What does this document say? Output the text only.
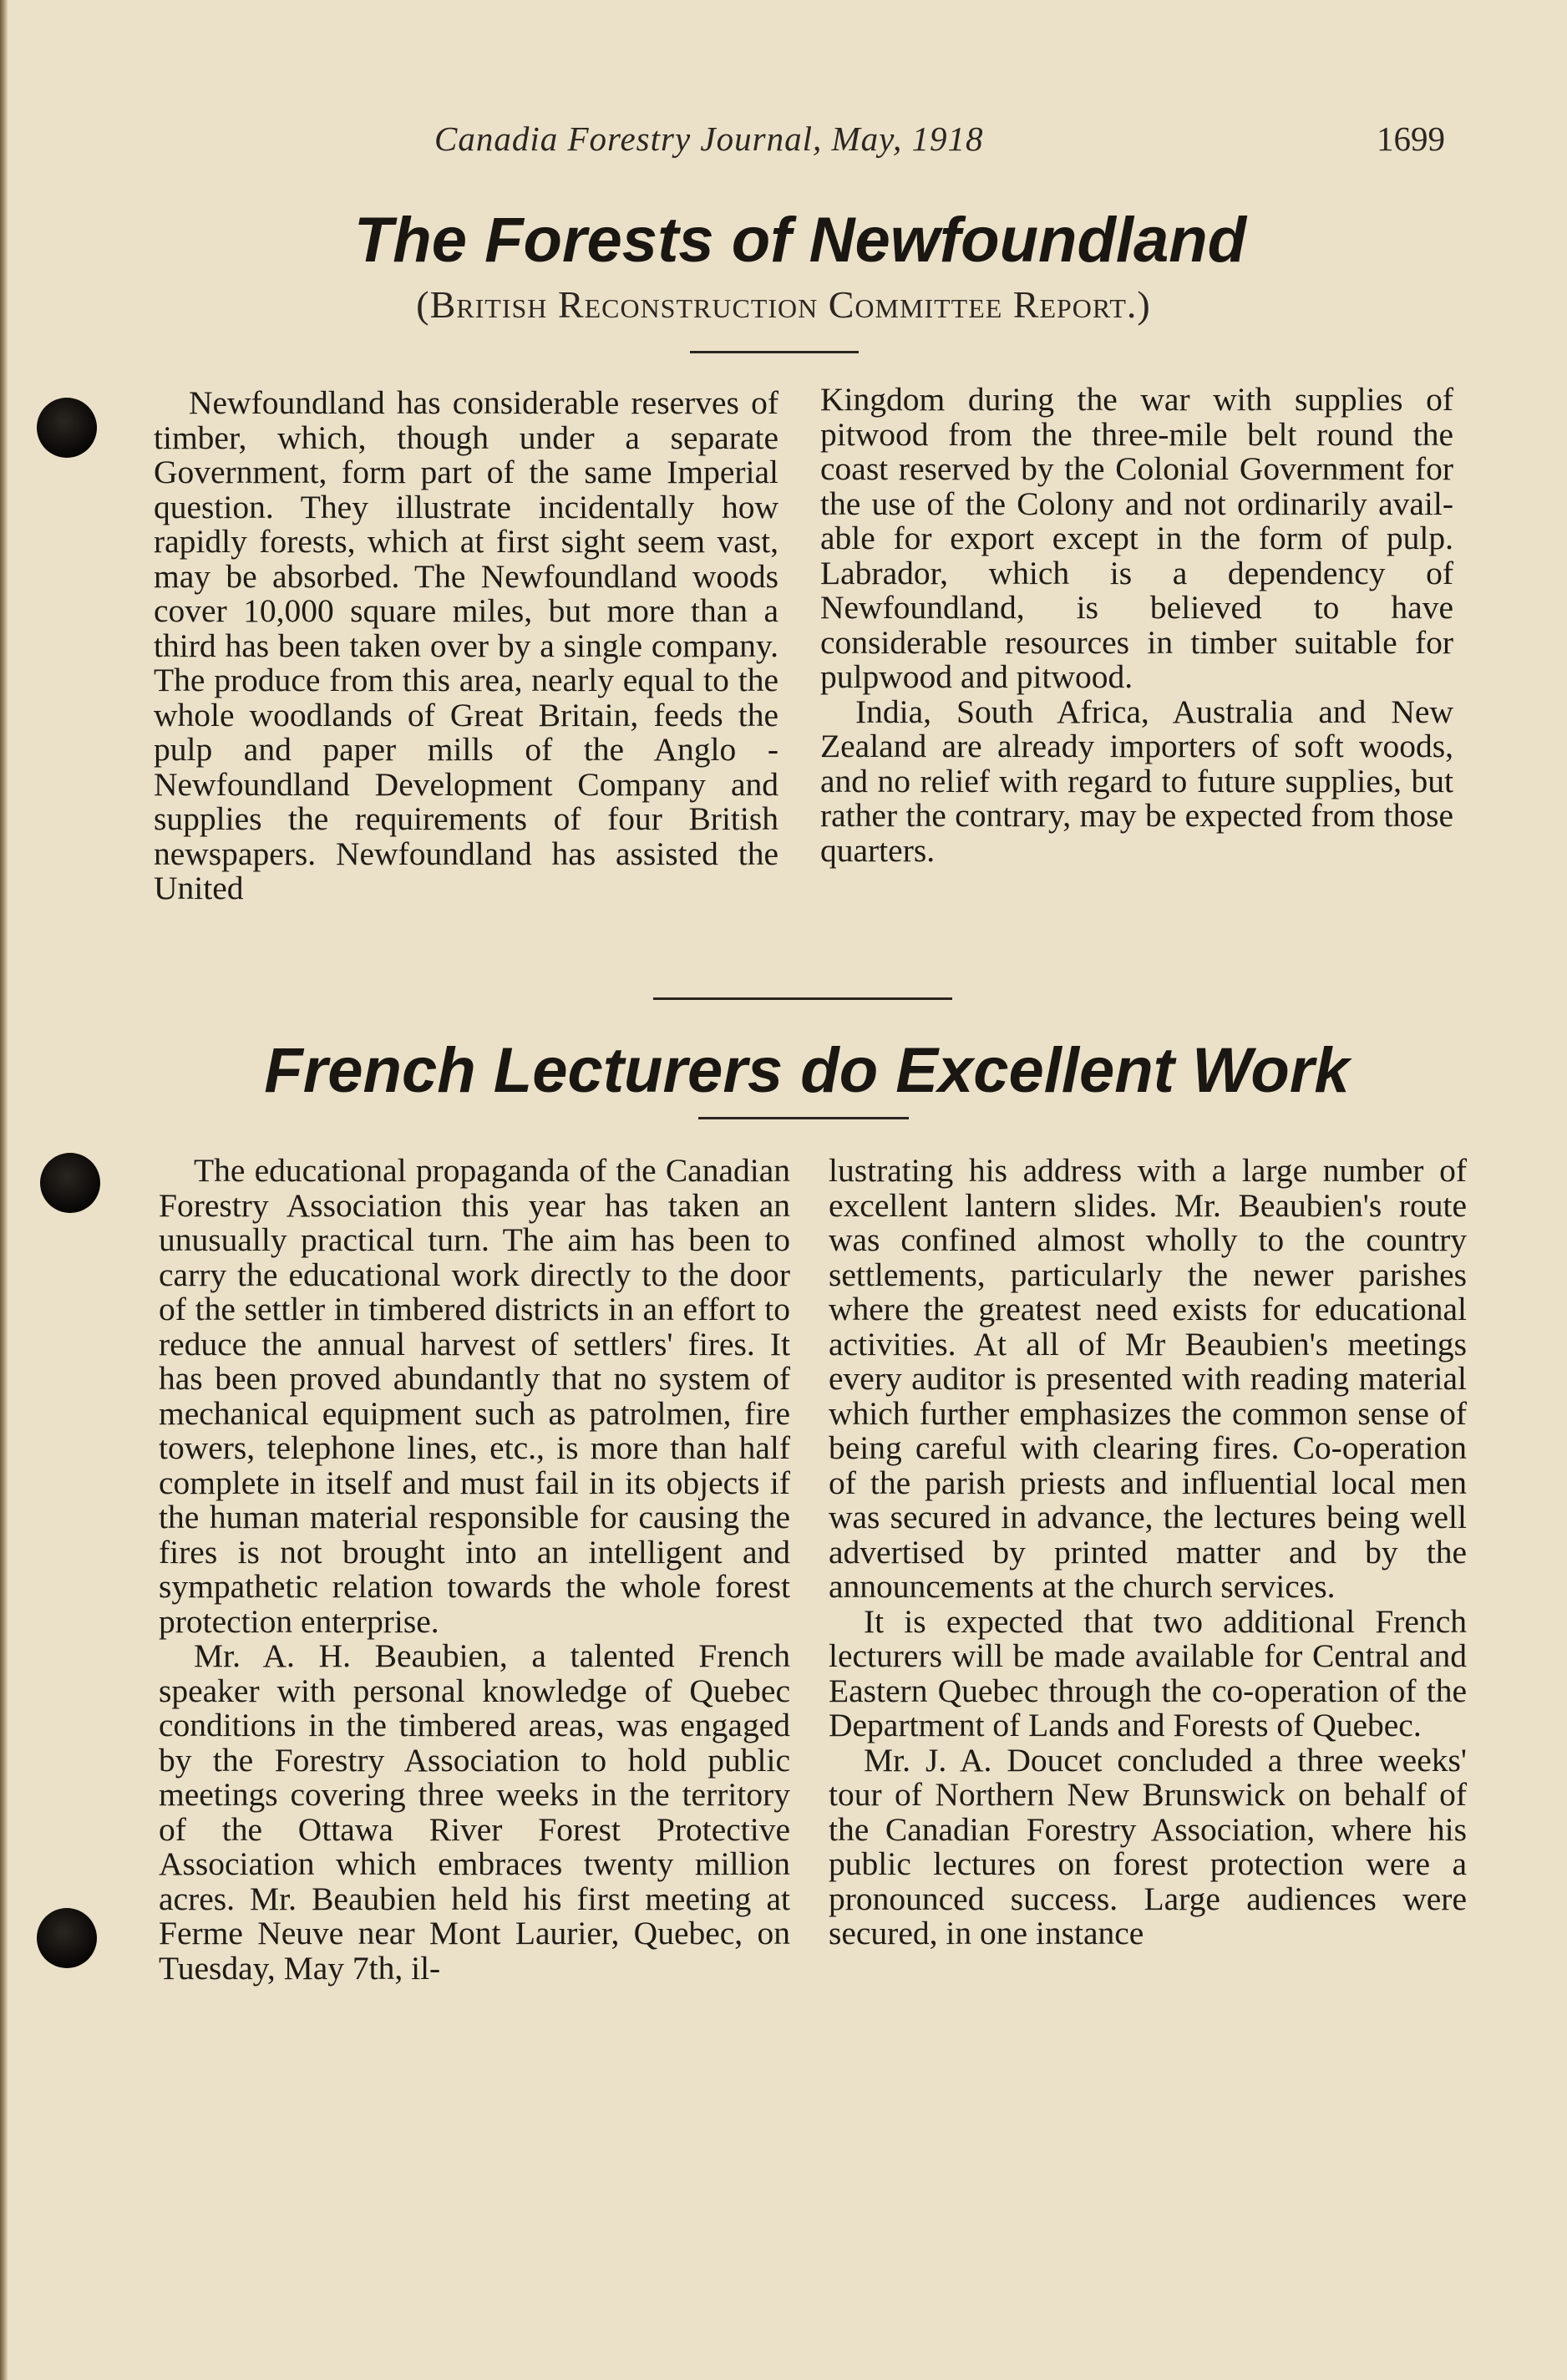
Canadia Forestry Journal, May, 1918	1699
The Forests of Newfoundland
(British Reconstruction Committee Report.)

Newfoundland has considerable reserves of timber, which, though under a separate Government, form part of the same Imperial question. They illustrate incidentally how rapidly forests, which at first sight seem vast, may be absorbed. The Newfoundland woods cover 10,000 square miles, but more than a third has been taken over by a single company. The produce from this area, nearly equal to the whole woodlands of Great Britain, feeds the pulp and paper mills of the Anglo - Newfoundland Development Company and supplies the requirements of four British newspapers. Newfoundland has assisted the United

Kingdom during the war with supplies of pitwood from the three-mile belt round the coast reserved by the Colonial Government for the use of the Colony and not ordinarily available for export except in the form of pulp. Labrador, which is a dependency of Newfoundland, is believed to have considerable resources in timber suitable for pulpwood and pitwood.

India, South Africa, Australia and New Zealand are already importers of soft woods, and no relief with regard to future supplies, but rather the contrary, may be expected from those quarters.

French Lecturers do Excellent Work

The educational propaganda of the Canadian Forestry Association this year has taken an unusually practical turn. The aim has been to carry the educational work directly to the door of the settler in timbered districts in an effort to reduce the annual harvest of settlers' fires. It has been proved abundantly that no system of mechanical equipment such as patrolmen, fire towers, telephone lines, etc., is more than half complete in itself and must fail in its objects if the human material responsible for causing the fires is not brought into an intelligent and sympathetic relation towards the whole forest protection enterprise.

Mr. A. H. Beaubien, a talented French speaker with personal knowledge of Quebec conditions in the timbered areas, was engaged by the Forestry Association to hold public meetings covering three weeks in the territory of the Ottawa River Forest Protective Association which embraces twenty million acres. Mr. Beaubien held his first meeting at Ferme Neuve near Mont Laurier, Quebec, on Tuesday, May 7th, il-

lustrating his address with a large number of excellent lantern slides. Mr. Beaubien's route was confined almost wholly to the country settlements, particularly the newer parishes where the greatest need exists for educational activities. At all of Mr Beaubien's meetings every auditor is presented with reading material which further emphasizes the common sense of being careful with clearing fires. Co-operation of the parish priests and influential local men was secured in advance, the lectures being well advertised by printed matter and by the announcements at the church services.

It is expected that two additional French lecturers will be made available for Central and Eastern Quebec through the co-operation of the Department of Lands and Forests of Quebec.

Mr. J. A. Doucet concluded a three weeks' tour of Northern New Brunswick on behalf of the Canadian Forestry Association, where his public lectures on forest protection were a pronounced success. Large audiences were secured, in one instance
